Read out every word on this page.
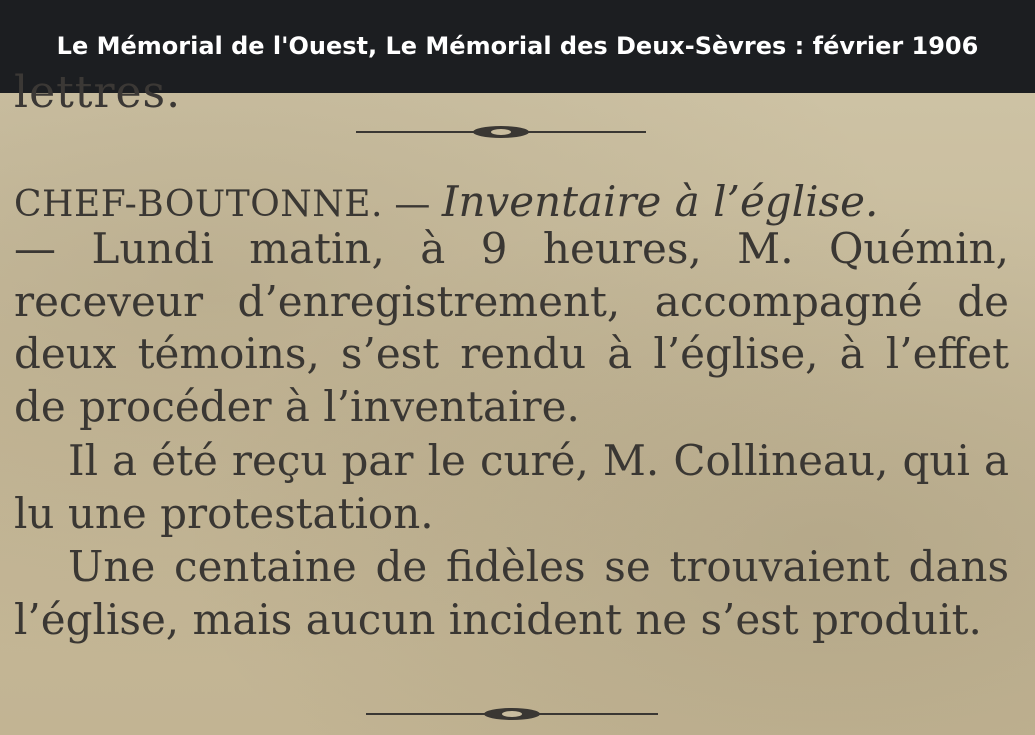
Le Mémorial de l'Ouest, Le Mémorial des Deux-Sèvres : février 1906
lettres.
CHEF-BOUTONNE. — Inventaire à l’église.
— Lundi matin, à 9 heures, M. Quémin, receveur d’enregistrement, accompagné de deux témoins, s’est rendu à l’église, à l’effet de procéder à l’inventaire.
Il a été reçu par le curé, M. Collineau, qui a lu une protestation.
Une centaine de fidèles se trouvaient dans l’église, mais aucun incident ne s’est produit.
